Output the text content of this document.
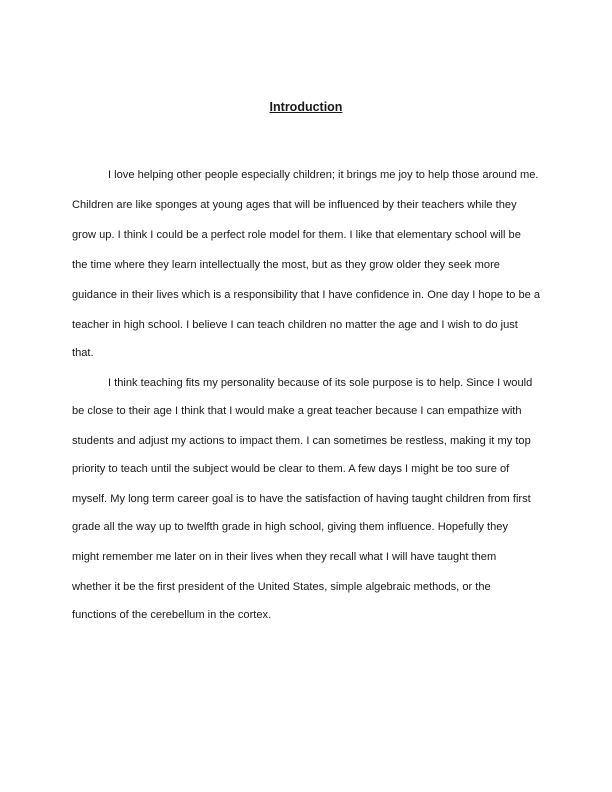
Introduction
I love helping other people especially children; it brings me joy to help those around me.
Children are like sponges at young ages that will be influenced by their teachers while they
grow up. I think I could be a perfect role model for them. I like that elementary school will be
the time where they learn intellectually the most, but as they grow older they seek more
guidance in their lives which is a responsibility that I have confidence in. One day I hope to be a
teacher in high school. I believe I can teach children no matter the age and I wish to do just
that.
I think teaching fits my personality because of its sole purpose is to help. Since I would
be close to their age I think that I would make a great teacher because I can empathize with
students and adjust my actions to impact them. I can sometimes be restless, making it my top
priority to teach until the subject would be clear to them. A few days I might be too sure of
myself. My long term career goal is to have the satisfaction of having taught children from first
grade all the way up to twelfth grade in high school, giving them influence. Hopefully they
might remember me later on in their lives when they recall what I will have taught them
whether it be the first president of the United States, simple algebraic methods, or the
functions of the cerebellum in the cortex.
